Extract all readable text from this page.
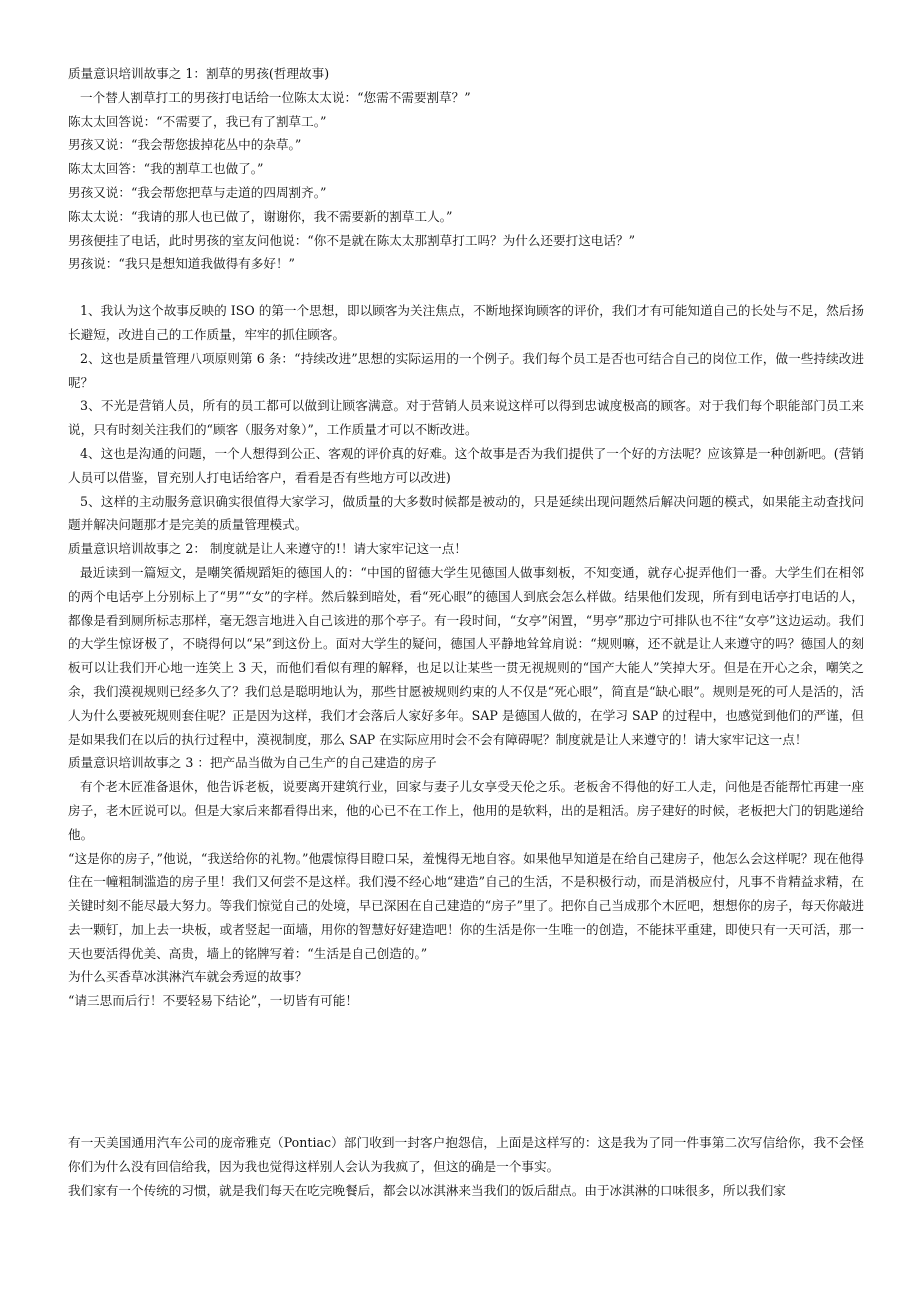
质量意识培训故事之 1：割草的男孩(哲理故事)

一个替人割草打工的男孩打电话给一位陈太太说：“您需不需要割草？”

陈太太回答说：“不需要了，我已有了割草工。”

男孩又说：“我会帮您拔掉花丛中的杂草。”

陈太太回答：“我的割草工也做了。”

男孩又说：“我会帮您把草与走道的四周割齐。”

陈太太说：“我请的那人也已做了，谢谢你，我不需要新的割草工人。”

男孩便挂了电话，此时男孩的室友问他说：“你不是就在陈太太那割草打工吗？为什么还要打这电话？”

男孩说：“我只是想知道我做得有多好！”

1、我认为这个故事反映的 ISO 的第一个思想，即以顾客为关注焦点，不断地探询顾客的评价，我们才有可能知道自己的长处与不足，然后扬长避短，改进自己的工作质量，牢牢的抓住顾客。

2、这也是质量管理八项原则第 6 条：“持续改进”思想的实际运用的一个例子。我们每个员工是否也可结合自己的岗位工作，做一些持续改进呢？

3、不光是营销人员，所有的员工都可以做到让顾客满意。对于营销人员来说这样可以得到忠诚度极高的顾客。对于我们每个职能部门员工来说，只有时刻关注我们的“顾客（服务对象）”，工作质量才可以不断改进。

4、这也是沟通的问题，一个人想得到公正、客观的评价真的好难。这个故事是否为我们提供了一个好的方法呢？应该算是一种创新吧。(营销人员可以借鉴，冒充别人打电话给客户，看看是否有些地方可以改进)

5、这样的主动服务意识确实很值得大家学习，做质量的大多数时候都是被动的，只是延续出现问题然后解决问题的模式，如果能主动查找问题并解决问题那才是完美的质量管理模式。

质量意识培训故事之 2： 制度就是让人来遵守的!！请大家牢记这一点！

最近读到一篇短文，是嘲笑循规蹈矩的德国人的：“中国的留德大学生见德国人做事刻板，不知变通，就存心捉弄他们一番。大学生们在相邻的两个电话亭上分别标上了“男”“女”的字样。然后躲到暗处，看“死心眼”的德国人到底会怎么样做。结果他们发现，所有到电话亭打电话的人，都像是看到厕所标志那样，毫无怨言地进入自己该进的那个亭子。有一段时间，“女亭”闲置，“男亭”那边宁可排队也不往“女亭”这边运动。我们的大学生惊讶极了，不晓得何以“呆”到这份上。面对大学生的疑问，德国人平静地耸耸肩说：“规则嘛，还不就是让人来遵守的吗？德国人的刻板可以让我们开心地一连笑上 3 天，而他们看似有理的解释，也足以让某些一贯无视规则的“国产大能人”笑掉大牙。但是在开心之余，嘲笑之余，我们漠视规则已经多久了？我们总是聪明地认为，那些甘愿被规则约束的人不仅是“死心眼”，简直是“缺心眼”。规则是死的可人是活的，活人为什么要被死规则套住呢？正是因为这样，我们才会落后人家好多年。SAP 是德国人做的，在学习 SAP 的过程中，也感觉到他们的严谨，但是如果我们在以后的执行过程中，漠视制度，那么 SAP 在实际应用时会不会有障碍呢？制度就是让人来遵守的！请大家牢记这一点！

质量意识培训故事之 3 ：把产品当做为自己生产的自己建造的房子

有个老木匠准备退休，他告诉老板，说要离开建筑行业，回家与妻子儿女享受天伦之乐。老板舍不得他的好工人走，问他是否能帮忙再建一座房子，老木匠说可以。但是大家后来都看得出来，他的心已不在工作上，他用的是软料，出的是粗活。房子建好的时候，老板把大门的钥匙递给他。

“这是你的房子，”他说，“我送给你的礼物。”他震惊得目瞪口呆，羞愧得无地自容。如果他早知道是在给自己建房子，他怎么会这样呢？现在他得住在一幢粗制滥造的房子里！我们又何尝不是这样。我们漫不经心地“建造”自己的生活，不是积极行动，而是消极应付，凡事不肯精益求精，在关键时刻不能尽最大努力。等我们惊觉自己的处境，早已深困在自己建造的“房子”里了。把你自己当成那个木匠吧，想想你的房子，每天你敲进去一颗钉，加上去一块板，或者竖起一面墙，用你的智慧好好建造吧！你的生活是你一生唯一的创造，不能抹平重建，即使只有一天可活，那一天也要活得优美、高贵，墙上的铭牌写着：“生活是自己创造的。”

为什么买香草冰淇淋汽车就会秀逗的故事？

“请三思而后行！不要轻易下结论”，一切皆有可能！

有一天美国通用汽车公司的庞帝雅克（Pontiac）部门收到一封客户抱怨信，上面是这样写的：这是我为了同一件事第二次写信给你，我不会怪你们为什么没有回信给我，因为我也觉得这样别人会认为我疯了，但这的确是一个事实。

我们家有一个传统的习惯，就是我们每天在吃完晚餐后，都会以冰淇淋来当我们的饭后甜点。由于冰淇淋的口味很多，所以我们家
